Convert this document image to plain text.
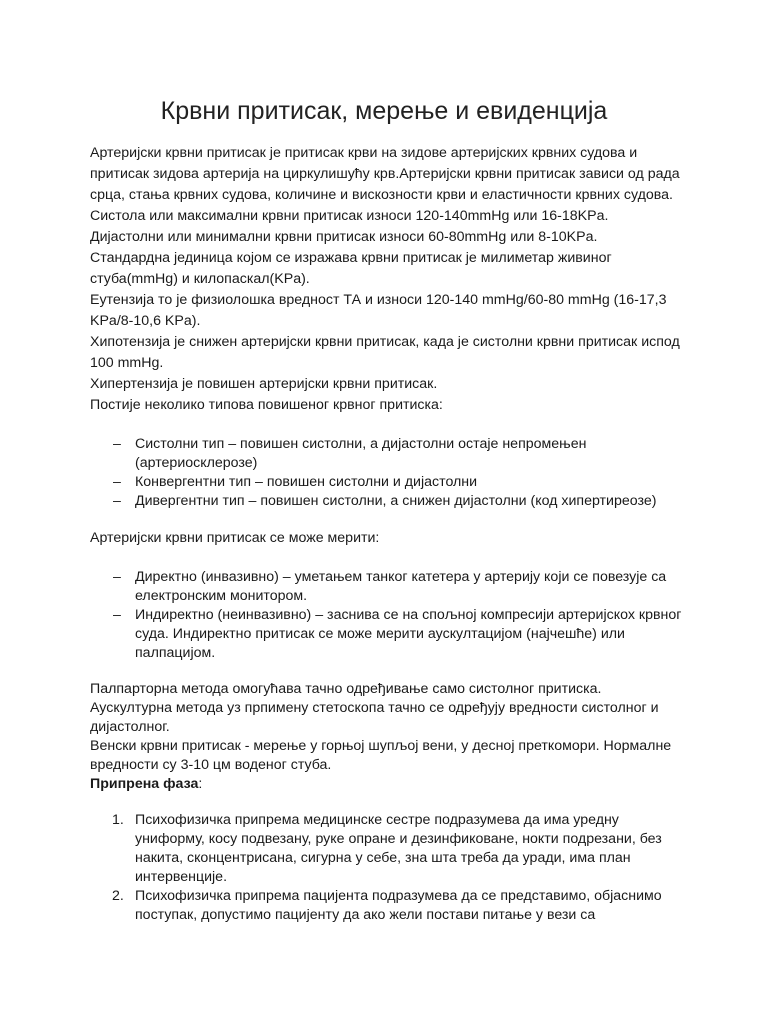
Крвни притисак, мерење и евиденција

Артеријски крвни притисак је притисак крви на зидове артеријских крвних судова и притисак зидова артерија на циркулишућу крв.Артеријски крвни притисак зависи од рада срца, стања крвних судова, количине и вискозности крви и еластичности крвних судова.

Систола или максимални крвни притисак износи 120-140mmHg или 16-18KPa.

Дијастолни или минимални крвни притисак износи 60-80mmHg или 8-10KPa.

Стандардна јединица којом се изражава крвни притисак је милиметар живиног стуба(mmHg) и килопаскал(KPa).

Еутензија то је физиолошка вредност ТА и износи 120-140 mmHg/60-80 mmHg (16-17,3 KPa/8-10,6 KPa).

Хипотензија је снижен артеријски крвни притисак, када је систолни крвни притисак испод 100 mmHg.

Хипертензија је повишен артеријски крвни притисак.

Постије неколико типова повишеног крвног притиска:

– Систолни тип – повишен систолни, а дијастолни остаје непромењен (артериосклерозе)
– Конвергентни тип – повишен систолни и дијастолни
– Дивергентни тип – повишен систолни, а снижен дијастолни (код хипертиреозе)

Артеријски крвни притисак се може мерити:

– Директно (инвазивно) – уметањем танког катетера у артерију који се повезује са електронским монитором.
– Индиректно (неинвазивно) – заснива се на спољној компресији артеријскох крвног суда. Индиректно притисак се може мерити аускултацијом (најчешће) или палпацијом.

Палпарторна метода омогућава тачно одређивање само систолног притиска.

Аускултурна метода уз прпимену стетоскопа тачно се одређују вредности систолног и дијастолног.

Венски крвни притисак - мерење у горњој шупљој вени, у десној преткомори. Нормалне вредности су 3-10 цм воденог стуба.

Припрена фаза:

1. Психофизичка припрема медицинске сестре подразумева да има уредну униформу, косу подвезану, руке опране и дезинфиковане, нокти подрезани, без накита, сконцентрисана, сигурна у себе, зна шта треба да уради, има план интервенције.
2. Психофизичка припрема пацијента подразумева да се представимо, објаснимо поступак, допустимо пацијенту да ако жели постави питање у вези са
